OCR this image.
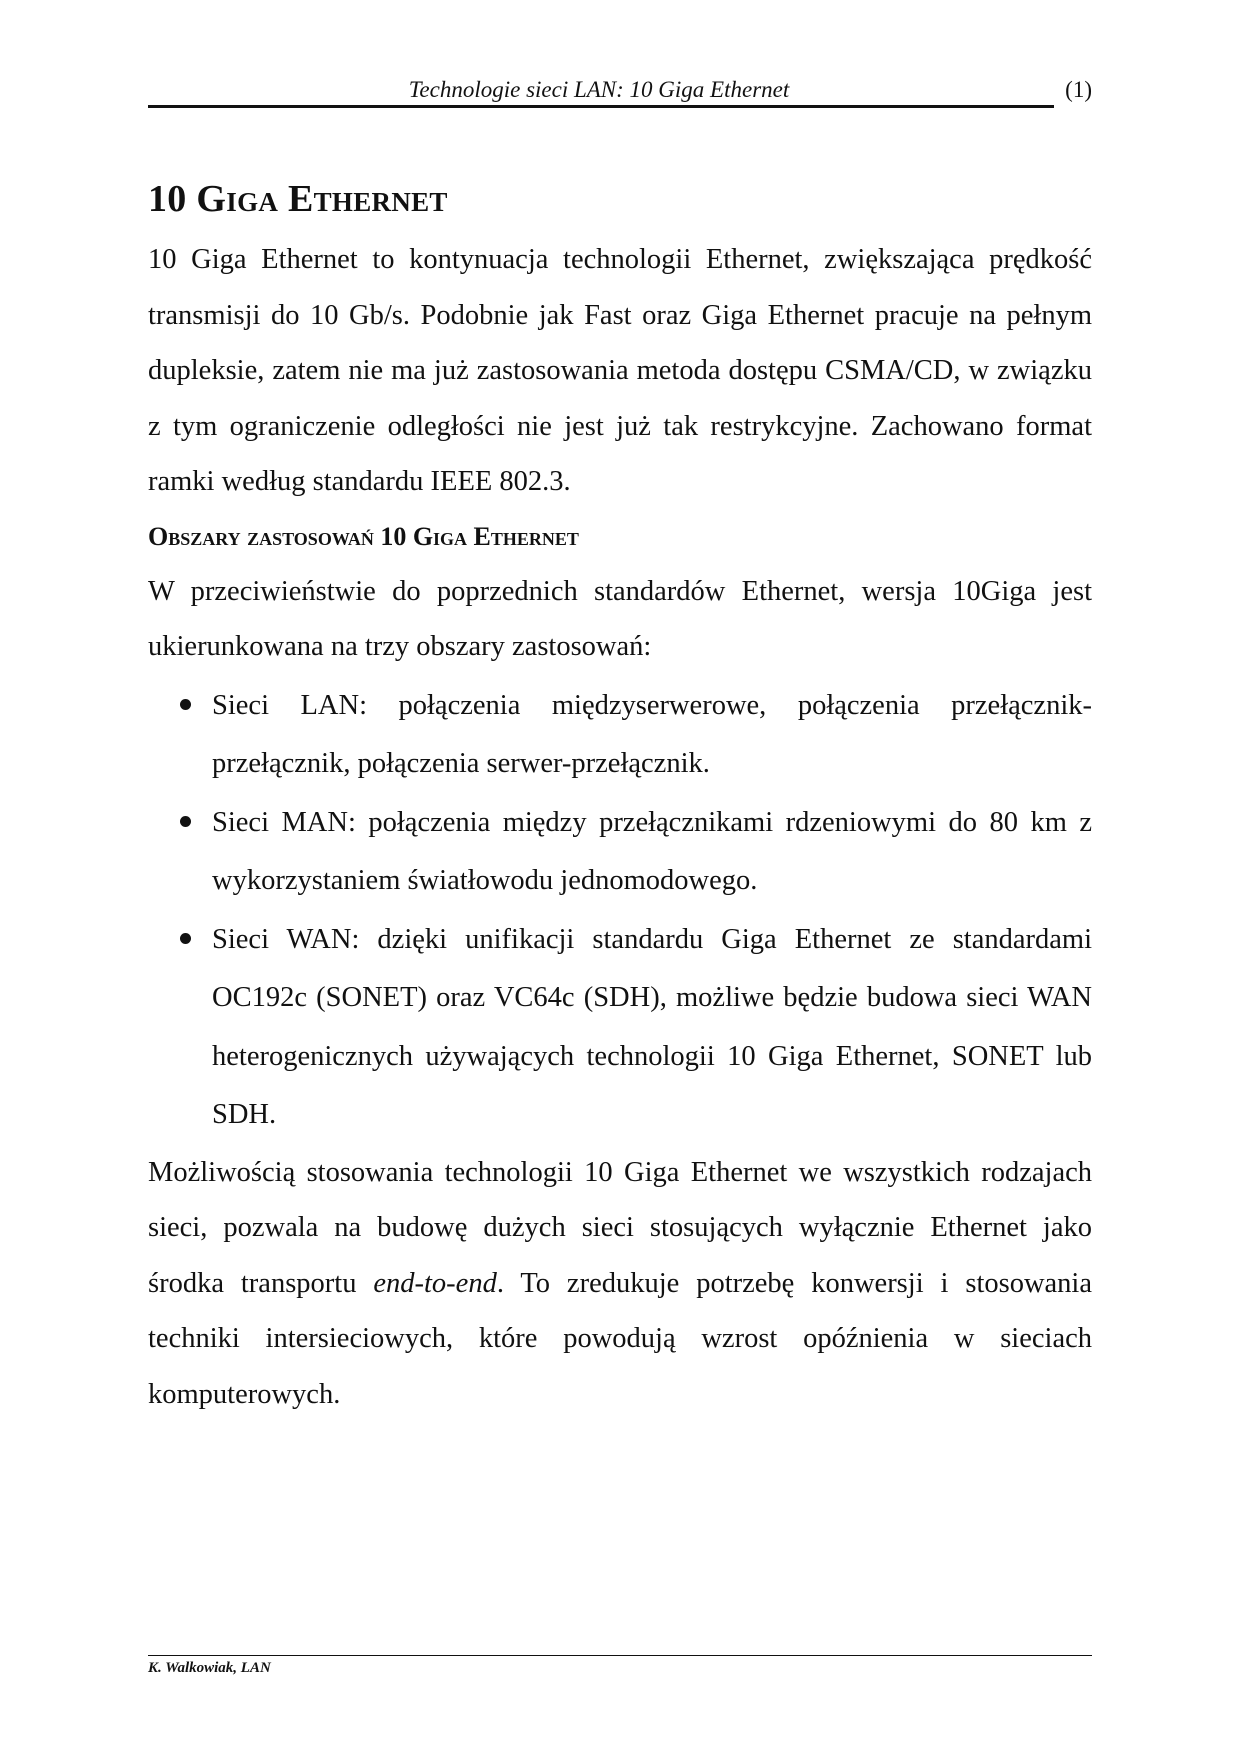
Technologie sieci LAN: 10 Giga Ethernet	(1)
10 Giga Ethernet

10 Giga Ethernet to kontynuacja technologii Ethernet, zwiększająca prędkość transmisji do 10 Gb/s. Podobnie jak Fast oraz Giga Ethernet pracuje na pełnym dupleksie, zatem nie ma już zastosowania metoda dostępu CSMA/CD, w związku z tym ograniczenie odległości nie jest już tak restrykcyjne. Zachowano format ramki według standardu IEEE 802.3.

Obszary zastosowań 10 Giga Ethernet

W przeciwieństwie do poprzednich standardów Ethernet, wersja 10Giga jest ukierunkowana na trzy obszary zastosowań:

Sieci LAN: połączenia międzyserwerowe, połączenia przełącznik-przełącznik, połączenia serwer-przełącznik.
Sieci MAN: połączenia między przełącznikami rdzeniowymi do 80 km z wykorzystaniem światłowodu jednomodowego.
Sieci WAN: dzięki unifikacji standardu Giga Ethernet ze standardami OC192c (SONET) oraz VC64c (SDH), możliwe będzie budowa sieci WAN heterogenicznych używających technologii 10 Giga Ethernet, SONET lub SDH.

Możliwością stosowania technologii 10 Giga Ethernet we wszystkich rodzajach sieci, pozwala na budowę dużych sieci stosujących wyłącznie Ethernet jako środka transportu end-to-end. To zredukuje potrzebę konwersji i stosowania techniki intersieciowych, które powodują wzrost opóźnienia w sieciach komputerowych.

K. Walkowiak, LAN
